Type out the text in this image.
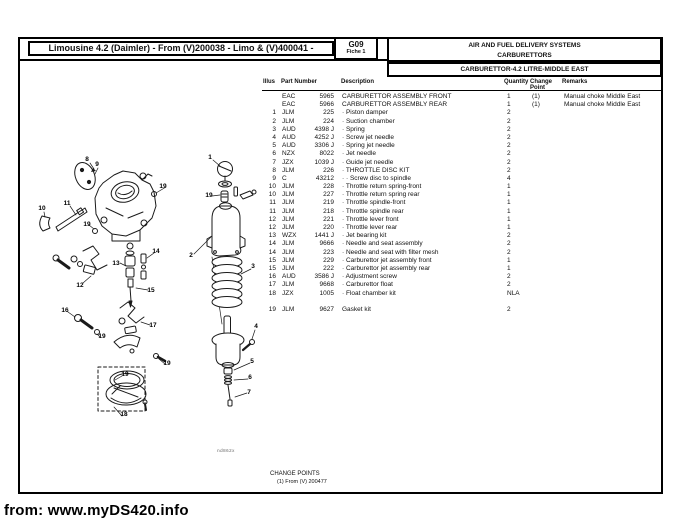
Limousine 4.2 (Daimler) - From (V)200038 - Limo & (V)400041 -	G09
Fiche 1
AIR AND FUEL DELIVERY SYSTEMS
CARBURETTORS
CARBURETTOR-4.2 LITRE-MIDDLE EAST
Illus Part Number	Description	Quantity Change
Point
Remarks
EAC	5965 CARBURETTOR ASSEMBLY FRONT	1	(1)	Manual choke Middle East
EAC	5966 CARBURETTOR ASSEMBLY REAR	1	(1)	Manual choke Middle East
1 JLM	225 · Piston damper	2
2 JLM	224 · Suction chamber	2
3 AUD	4398 J · Spring	2
4 AUD	4252 J · Screw jet needle	2
5 AUD	3306 J · Spring jet needle	2
6 NZX	8022 · Jet needle	2
7 JZX	1039 J · Guide jet needle	2
8 JLM	226 · THROTTLE DISC KIT	2
9 C	43212 · · Screw disc to spindle	4
10 JLM	228 · Throttle return spring-front	1
10 JLM	227 · Throttle return spring rear	1
11 JLM	219 · Throttle spindle-front	1
11 JLM	218 · Throttle spindle rear	1
12 JLM	221 · Throttle lever front	1
12 JLM	220 · Throttle lever rear	1
13 WZX	1441 J · Jet bearing kit	2
14 JLM	9666 · Needle and seat assembly	2
14 JLM	223 · Needle and seat with filter mesh	2
15 JLM	229 · Carburettor jet assembly front	1
15 JLM	222 · Carburettor jet assembly rear	1
16 AUD	3586 J · Adjustment screw	2
17 JLM	9668 · Carburettor float	2
18 JZX	1005 · Float chamber kit	NLA
19 JLM	9627 Gasket kit	2
8
9
1
19
19
11
10
19
14
13
2
3
12
15
16
17	4
19
19
19
5
6
7
18
nd862x
CHANGE POINTS
(1) From (V) 200477
from: www.myDS420.info
